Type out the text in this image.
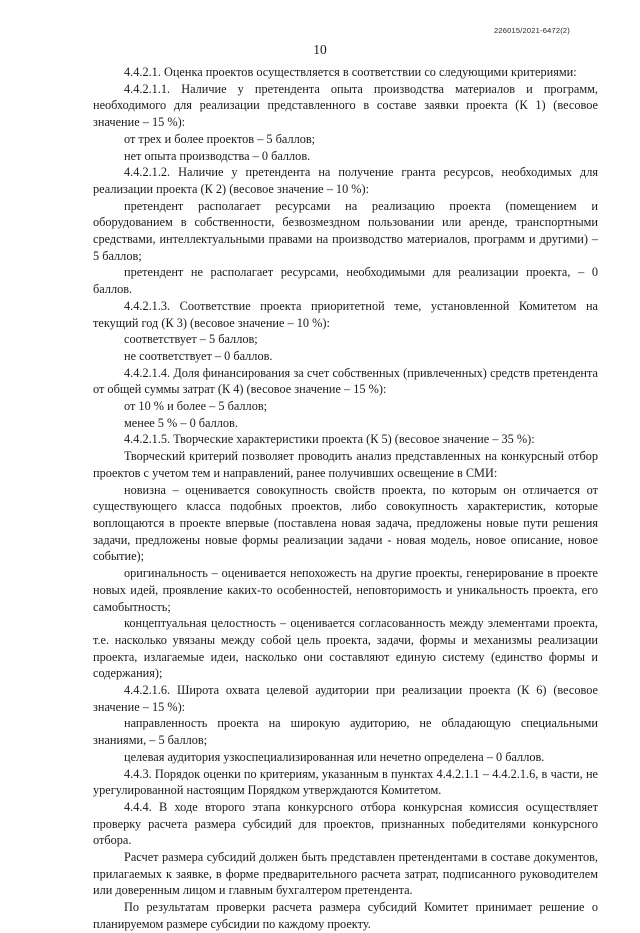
226015/2021-6472(2)
10

4.4.2.1. Оценка проектов осуществляется в соответствии со следующими критериями:

4.4.2.1.1. Наличие у претендента опыта производства материалов и программ, необходимого для реализации представленного в составе заявки проекта (К 1) (весовое значение – 15 %):

от трех и более проектов – 5 баллов;

нет опыта производства – 0 баллов.

4.4.2.1.2. Наличие у претендента на получение гранта ресурсов, необходимых для реализации проекта (К 2) (весовое значение – 10 %):

претендент располагает ресурсами на реализацию проекта (помещением и оборудованием в собственности, безвозмездном пользовании или аренде, транспортными средствами, интеллектуальными правами на производство материалов, программ и другими) – 5 баллов;

претендент не располагает ресурсами, необходимыми для реализации проекта, – 0 баллов.

4.4.2.1.3. Соответствие проекта приоритетной теме, установленной Комитетом на текущий год (К 3) (весовое значение – 10 %):

соответствует – 5 баллов;

не соответствует – 0 баллов.

4.4.2.1.4. Доля финансирования за счет собственных (привлеченных) средств претендента от общей суммы затрат (К 4) (весовое значение – 15 %):

от 10 % и более – 5 баллов;

менее 5 % – 0 баллов.

4.4.2.1.5. Творческие характеристики проекта (К 5) (весовое значение – 35 %):

Творческий критерий позволяет проводить анализ представленных на конкурсный отбор проектов с учетом тем и направлений, ранее получивших освещение в СМИ:

новизна – оценивается совокупность свойств проекта, по которым он отличается от существующего класса подобных проектов, либо совокупность характеристик, которые воплощаются в проекте впервые (поставлена новая задача, предложены новые пути решения задачи, предложены новые формы реализации задачи - новая модель, новое описание, новое событие);

оригинальность – оценивается непохожесть на другие проекты, генерирование в проекте новых идей, проявление каких-то особенностей, неповторимость и уникальность проекта, его самобытность;

концептуальная целостность – оценивается согласованность между элементами проекта, т.е. насколько увязаны между собой цель проекта, задачи, формы и механизмы реализации проекта, излагаемые идеи, насколько они составляют единую систему (единство формы и содержания);

4.4.2.1.6. Широта охвата целевой аудитории при реализации проекта (К 6) (весовое значение – 15 %):

направленность проекта на широкую аудиторию, не обладающую специальными знаниями, – 5 баллов;

целевая аудитория узкоспециализированная или нечетно определена – 0 баллов.

4.4.3. Порядок оценки по критериям, указанным в пунктах 4.4.2.1.1 – 4.4.2.1.6, в части, не урегулированной настоящим Порядком утверждаются Комитетом.

4.4.4. В ходе второго этапа конкурсного отбора конкурсная комиссия осуществляет проверку расчета размера субсидий для проектов, признанных победителями конкурсного отбора.

Расчет размера субсидий должен быть представлен претендентами в составе документов, прилагаемых к заявке, в форме предварительного расчета затрат, подписанного руководителем или доверенным лицом и главным бухгалтером претендента.

По результатам проверки расчета размера субсидий Комитет принимает решение о планируемом размере субсидии по каждому проекту.
